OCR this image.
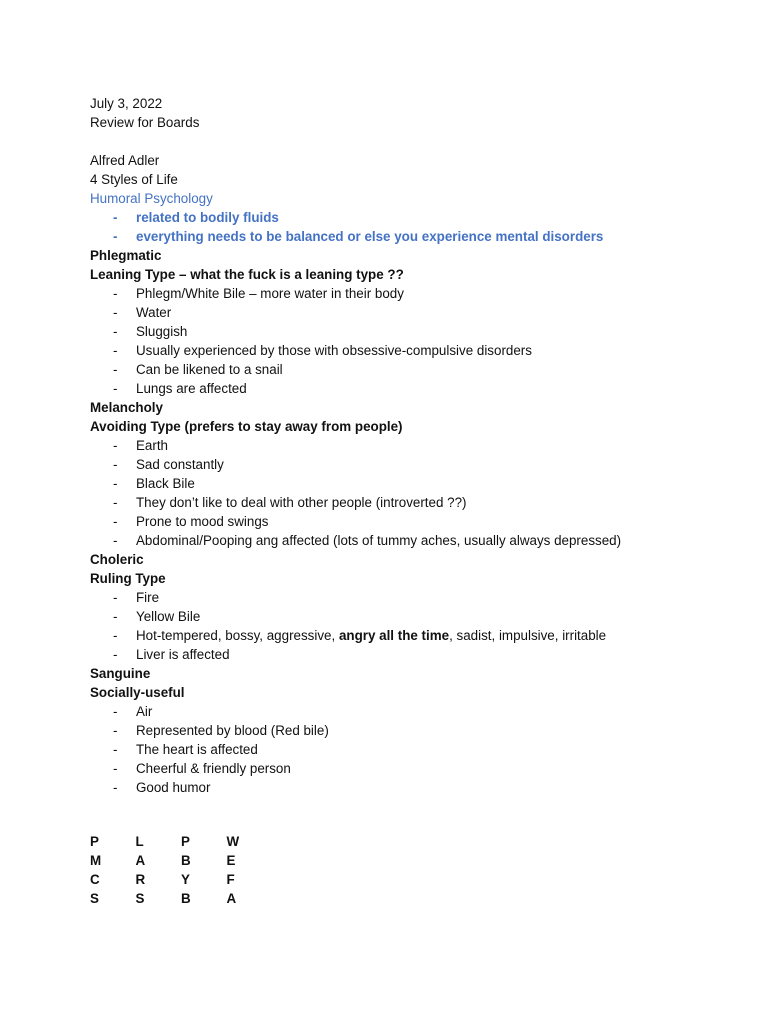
July 3, 2022
Review for Boards
Alfred Adler
4 Styles of Life
Humoral Psychology
- related to bodily fluids
- everything needs to be balanced or else you experience mental disorders
Phlegmatic
Leaning Type – what the fuck is a leaning type ??
- Phlegm/White Bile – more water in their body
- Water
- Sluggish
- Usually experienced by those with obsessive-compulsive disorders
- Can be likened to a snail
- Lungs are affected
Melancholy
Avoiding Type (prefers to stay away from people)
- Earth
- Sad constantly
- Black Bile
- They don’t like to deal with other people (introverted ??)
- Prone to mood swings
- Abdominal/Pooping ang affected (lots of tummy aches, usually always depressed)
Choleric
Ruling Type
- Fire
- Yellow Bile
- Hot-tempered, bossy, aggressive, angry all the time, sadist, impulsive, irritable
- Liver is affected
Sanguine
Socially-useful
- Air
- Represented by blood (Red bile)
- The heart is affected
- Cheerful & friendly person
- Good humor
P	L	P	W
M	A	B	E
C	R	Y	F
S	S	B	A
